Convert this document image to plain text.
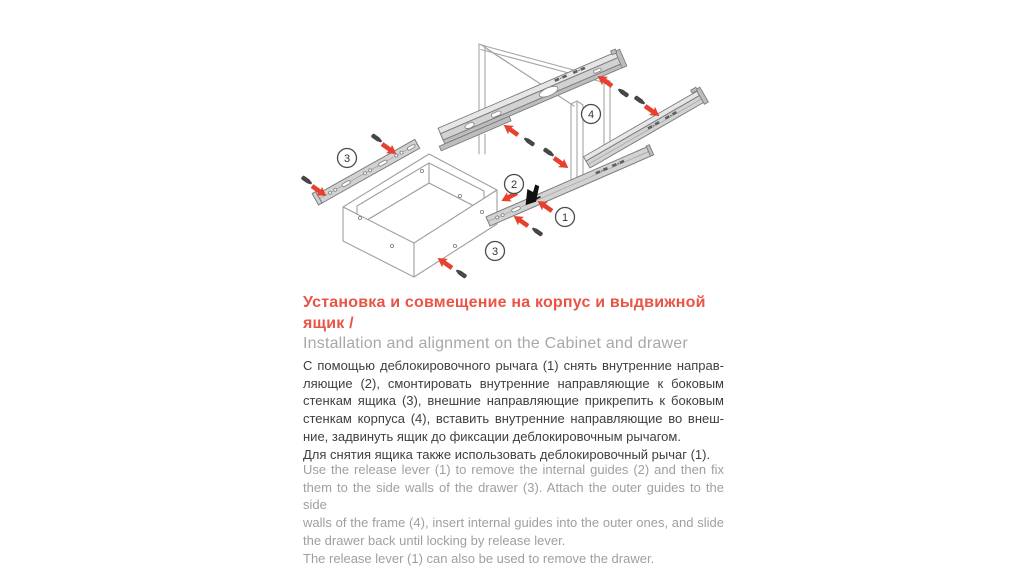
3
4
2
1
3
Установка и совмещение на корпус и выдвижной ящик /
Installation and alignment on the Cabinet and drawer
С помощью деблокировочного рычага (1) снять внутренние направ-
ляющие (2), смонтировать внутренние направляющие к боковым
стенкам ящика (3), внешние направляющие прикрепить к боковым
стенкам корпуса (4), вставить внутренние направляющие во внеш-
ние, задвинуть ящик до фиксации деблокировочным рычагом.
Для снятия ящика также использовать деблокировочный рычаг (1).
Use the release lever (1) to remove the internal guides (2) and then fix
them to the side walls of the drawer (3). Attach the outer guides to the side
walls of the frame (4), insert internal guides into the outer ones, and slide
the drawer back until locking by release lever.
The release lever (1) can also be used to remove the drawer.
